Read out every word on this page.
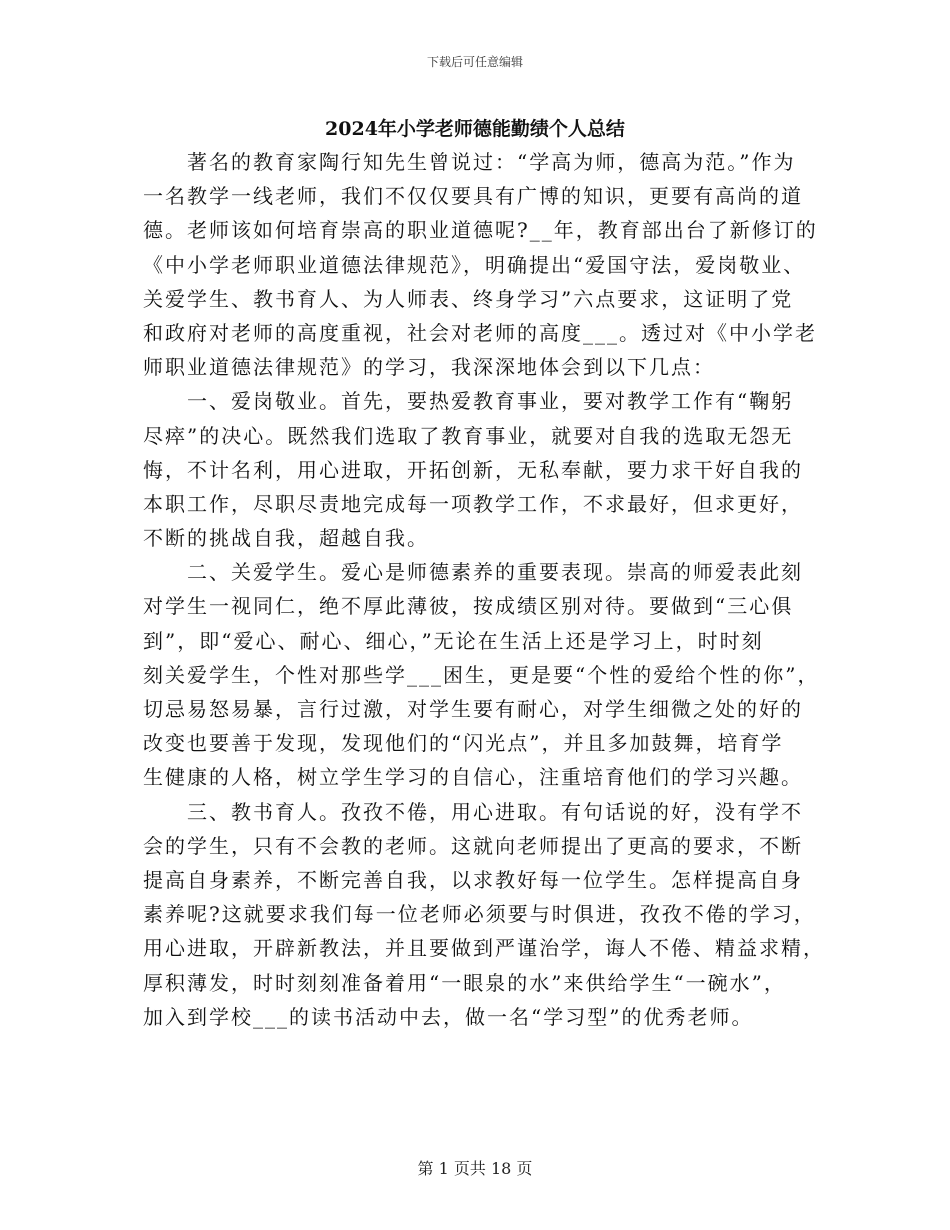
下载后可任意编辑
2024年小学老师德能勤绩个人总结
著名的教育家陶行知先生曾说过：“学高为师，德高为范。”作为
一名教学一线老师，我们不仅仅要具有广博的知识，更要有高尚的道
德。老师该如何培育崇高的职业道德呢?__年，教育部出台了新修订的
《中小学老师职业道德法律规范》，明确提出“爱国守法，爱岗敬业、
关爱学生、教书育人、为人师表、终身学习”六点要求，这证明了党
和政府对老师的高度重视，社会对老师的高度___。透过对《中小学老
师职业道德法律规范》的学习，我深深地体会到以下几点：
一、爱岗敬业。首先，要热爱教育事业，要对教学工作有“鞠躬
尽瘁”的决心。既然我们选取了教育事业，就要对自我的选取无怨无
悔，不计名利，用心进取，开拓创新，无私奉献，要力求干好自我的
本职工作，尽职尽责地完成每一项教学工作，不求最好，但求更好，
不断的挑战自我，超越自我。
二、关爱学生。爱心是师德素养的重要表现。崇高的师爱表此刻
对学生一视同仁，绝不厚此薄彼，按成绩区别对待。要做到“三心俱
到”，即“爱心、耐心、细心，”无论在生活上还是学习上，时时刻
刻关爱学生，个性对那些学___困生，更是要“个性的爱给个性的你”，
切忌易怒易暴，言行过激，对学生要有耐心，对学生细微之处的好的
改变也要善于发现，发现他们的“闪光点”，并且多加鼓舞，培育学
生健康的人格，树立学生学习的自信心，注重培育他们的学习兴趣。
三、教书育人。孜孜不倦，用心进取。有句话说的好，没有学不
会的学生，只有不会教的老师。这就向老师提出了更高的要求，不断
提高自身素养，不断完善自我，以求教好每一位学生。怎样提高自身
素养呢?这就要求我们每一位老师必须要与时俱进，孜孜不倦的学习，
用心进取，开辟新教法，并且要做到严谨治学，诲人不倦、精益求精，
厚积薄发，时时刻刻准备着用“一眼泉的水”来供给学生“一碗水”，
加入到学校___的读书活动中去，做一名“学习型”的优秀老师。
第 1 页共 18 页
